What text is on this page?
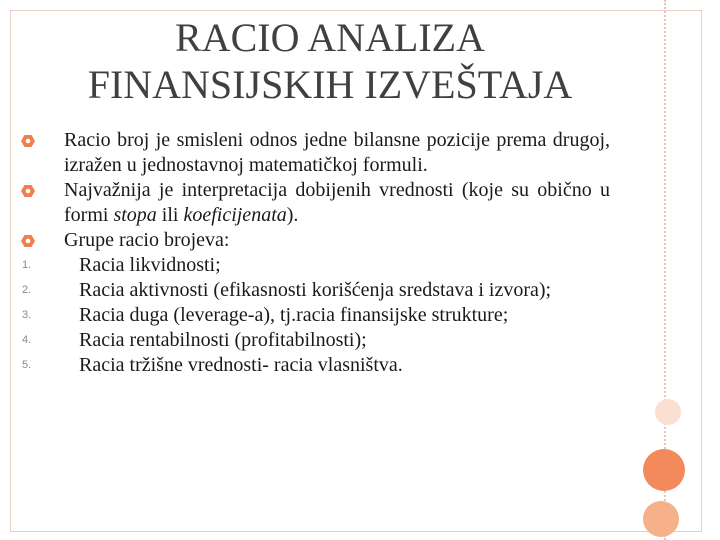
RACIO ANALIZA
FINANSIJSKIH IZVEŠTAJA
Racio broj je smisleni odnos jedne bilansne pozicije prema drugoj, izražen u jednostavnoj matematičkoj formuli.
Najvažnija je interpretacija dobijenih vrednosti (koje su obično u formi stopa ili koeficijenata).
Grupe racio brojeva:
1. Racia likvidnosti;
2. Racia aktivnosti (efikasnosti korišćenja sredstava i izvora);
3. Racia duga (leverage-a), tj.racia finansijske strukture;
4. Racia rentabilnosti (profitabilnosti);
5. Racia tržišne vrednosti- racia vlasništva.
